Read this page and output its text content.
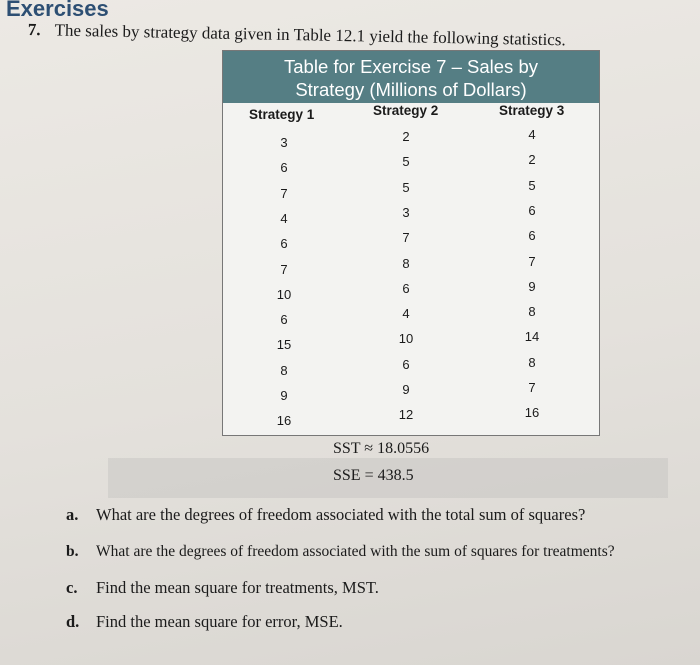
Exercises
7. The sales by strategy data given in Table 12.1 yield the following statistics.
Table for Exercise 7 – Sales by
Strategy (Millions of Dollars)
Strategy 1	Strategy 2	Strategy 3
3
6
7
4
6
7
10
6
15
8
9
16
2
5
5
3
7
8
6
4
10
6
9
12
4
2
5
6
6
7
9
8
14
8
7
16
SST ≈ 18.0556
SSE = 438.5
a. What are the degrees of freedom associated with the total sum of squares?
b. What are the degrees of freedom associated with the sum of squares for treatments?
c. Find the mean square for treatments, MST.
d. Find the mean square for error, MSE.
